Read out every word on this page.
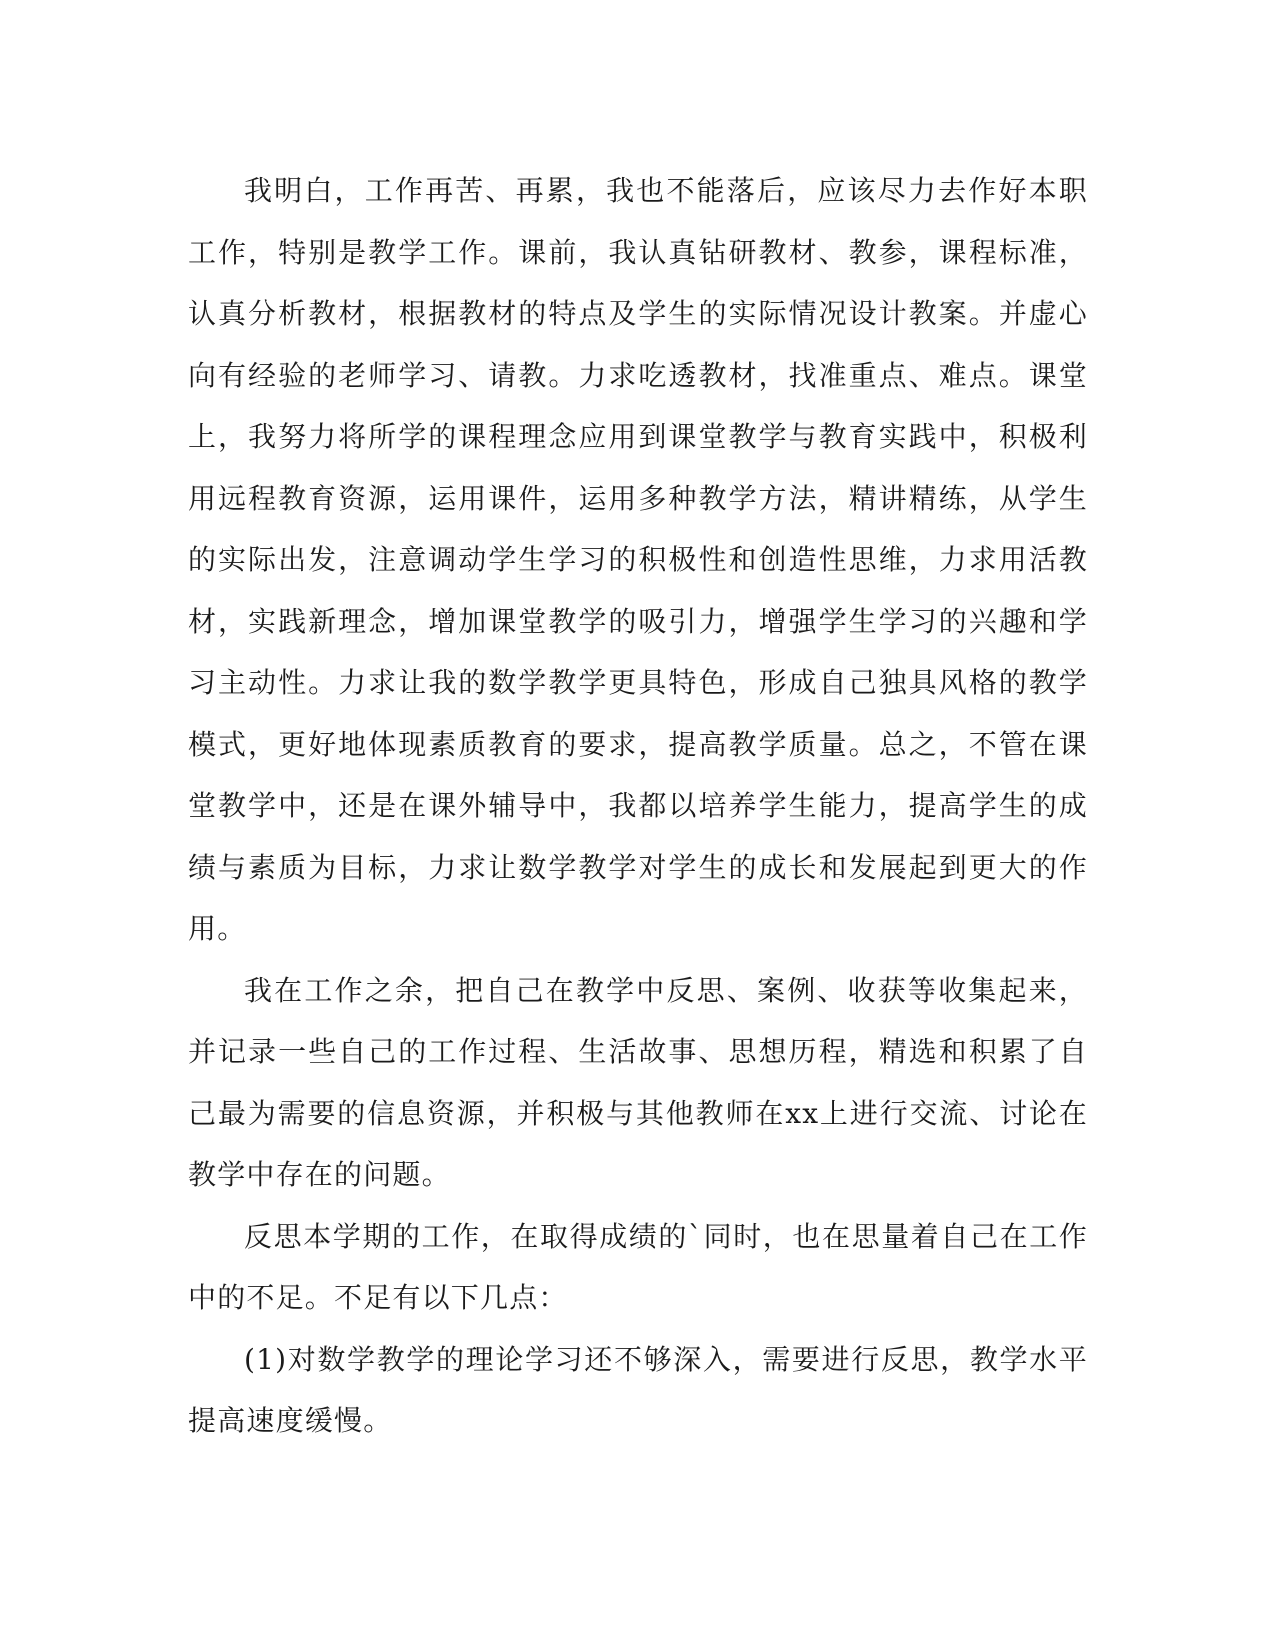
我明白，工作再苦、再累，我也不能落后，应该尽力去作好本职工作，特别是教学工作。课前，我认真钻研教材、教参，课程标准，认真分析教材，根据教材的特点及学生的实际情况设计教案。并虚心向有经验的老师学习、请教。力求吃透教材，找准重点、难点。课堂上，我努力将所学的课程理念应用到课堂教学与教育实践中，积极利用远程教育资源，运用课件，运用多种教学方法，精讲精练，从学生的实际出发，注意调动学生学习的积极性和创造性思维，力求用活教材，实践新理念，增加课堂教学的吸引力，增强学生学习的兴趣和学习主动性。力求让我的数学教学更具特色，形成自己独具风格的教学模式，更好地体现素质教育的要求，提高教学质量。总之，不管在课堂教学中，还是在课外辅导中，我都以培养学生能力，提高学生的成绩与素质为目标，力求让数学教学对学生的成长和发展起到更大的作用。

我在工作之余，把自己在教学中反思、案例、收获等收集起来，并记录一些自己的工作过程、生活故事、思想历程，精选和积累了自己最为需要的信息资源，并积极与其他教师在xx上进行交流、讨论在教学中存在的问题。

反思本学期的工作，在取得成绩的`同时，也在思量着自己在工作中的不足。不足有以下几点：

(1)对数学教学的理论学习还不够深入，需要进行反思，教学水平提高速度缓慢。
